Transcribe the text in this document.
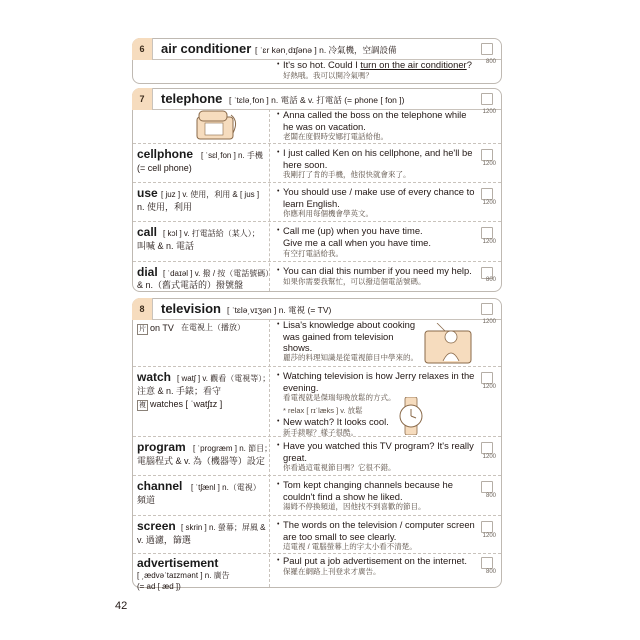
6	air conditioner [ ˈɛr kən͵dɪʃənə ] n. 冷氣機，空調設備
• It's so hot. Could I turn on the air conditioner?
好熱哦。我可以開冷氣嗎？
800
7	telephone [ ˈtɛlə͵fon ] n. 電話 & v. 打電話 (= phone [ fon ])
• Anna called the boss on the telephone while he was on vacation.
老闆在度假時安娜打電話給他。
1200
cellphone [ ˈsɛl͵fon ] n. 手機
(= cell phone)
• I just called Ken on his cellphone, and he'll be here soon.
我剛打了肯的手機，他很快就會來了。
1200
use [ juz ] v. 使用，利用 & [ jus ]
n. 使用，利用
• You should use / make use of every chance to learn English.
你應利用每個機會學英文。
1200
call [ kɔl ] v. 打電話給（某人）；
叫喊 & n. 電話
• Call me (up) when you have time.
Give me a call when you have time.
有空打電話給我。
1200
dial [ ˈdaɪəl ] v. 撥 / 按（電話號碼）
& n.（舊式電話的）撥號盤
• You can dial this number if you need my help.
如果你需要我幫忙，可以撥這個電話號碼。	800
8	television [ ˈtɛlə͵vɪʒən ] n. 電視 (= TV)
片 on TV 在電視上（播放）	• Lisa's knowledge about cooking was gained from television shows.
麗莎的料理知識是從電視節目中學來的。
1200
watch [ watʃ ] v. 觀看（電視等）；
注意 & n. 手錶；看守
複 watches [ ˈwatʃɪz ]
• Watching television is how Jerry relaxes in the evening.
看電視就是傑瑞每晚放鬆的方式。
* relax [ rɪˈlæks ] v. 放鬆
• New watch? It looks cool.
新手錶喔？樣子很酷。
1200
program [ ˈprogræm ] n. 節目；
電腦程式 & v. 為（機器等）設定
• Have you watched this TV program? It's really great.
你看過這電視節目嗎？它很不錯。
1200
channel [ ˈtʃænl ] n.（電視）
頻道
• Tom kept changing channels because he couldn't find a show he liked.
湯姆不停換頻道，因他找不到喜歡的節目。
800
screen [ skrin ] n. 螢幕；屏風 &
v. 過濾，篩選
• The words on the television / computer screen are too small to see clearly.
這電視 / 電腦螢幕上的字太小看不清楚。
1200
advertisement
[ ͵ædvəˈtaɪzmənt ] n. 廣告
(= ad [ æd ])
• Paul put a job advertisement on the internet.
保羅在網路上刊登求才廣告。	800
42
